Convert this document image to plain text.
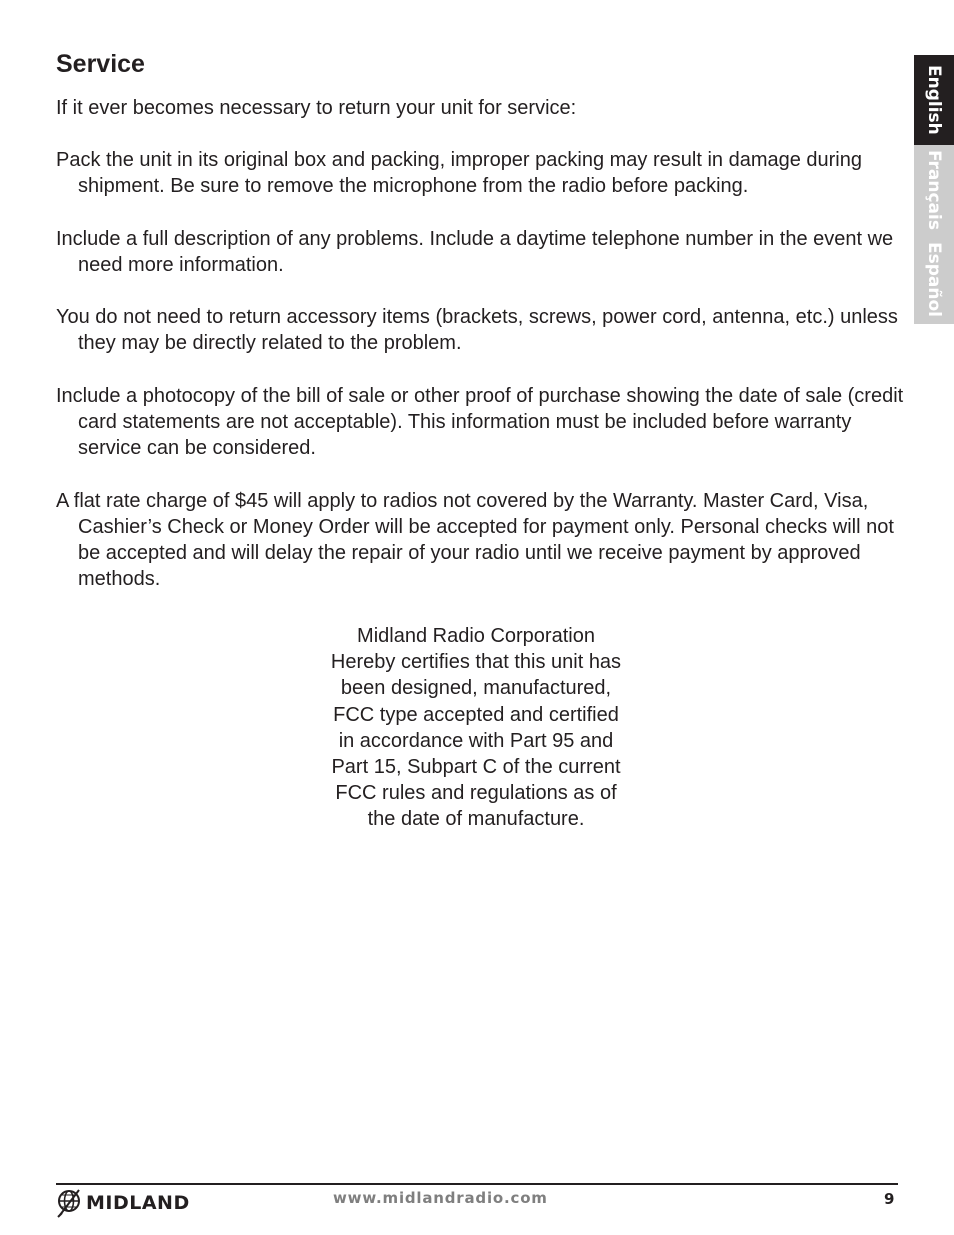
Service

If it ever becomes necessary to return your unit for service:

Pack the unit in its original box and packing, improper packing may result in damage during shipment. Be sure to remove the microphone from the radio before packing.

Include a full description of any problems. Include a daytime telephone number in the event we need more information.

You do not need to return accessory items (brackets, screws, power cord, antenna, etc.) unless they may be directly related to the problem.

Include a photocopy of the bill of sale or other proof of purchase showing the date of sale (credit card statements are not acceptable). This information must be included before warranty service can be considered.

A flat rate charge of $45 will apply to radios not covered by the Warranty. Master Card, Visa, Cashier’s Check or Money Order will be accepted for payment only. Personal checks will not be accepted and will delay the repair of your radio until we receive payment by approved methods.

Midland Radio Corporation
Hereby certifies that this unit has
been designed, manufactured,
FCC type accepted and certified
in accordance with Part 95 and
Part 15, Subpart C of the current
FCC rules and regulations as of
the date of manufacture.
English
Français
Español
MIDLAND	www.midlandradio.com	9
